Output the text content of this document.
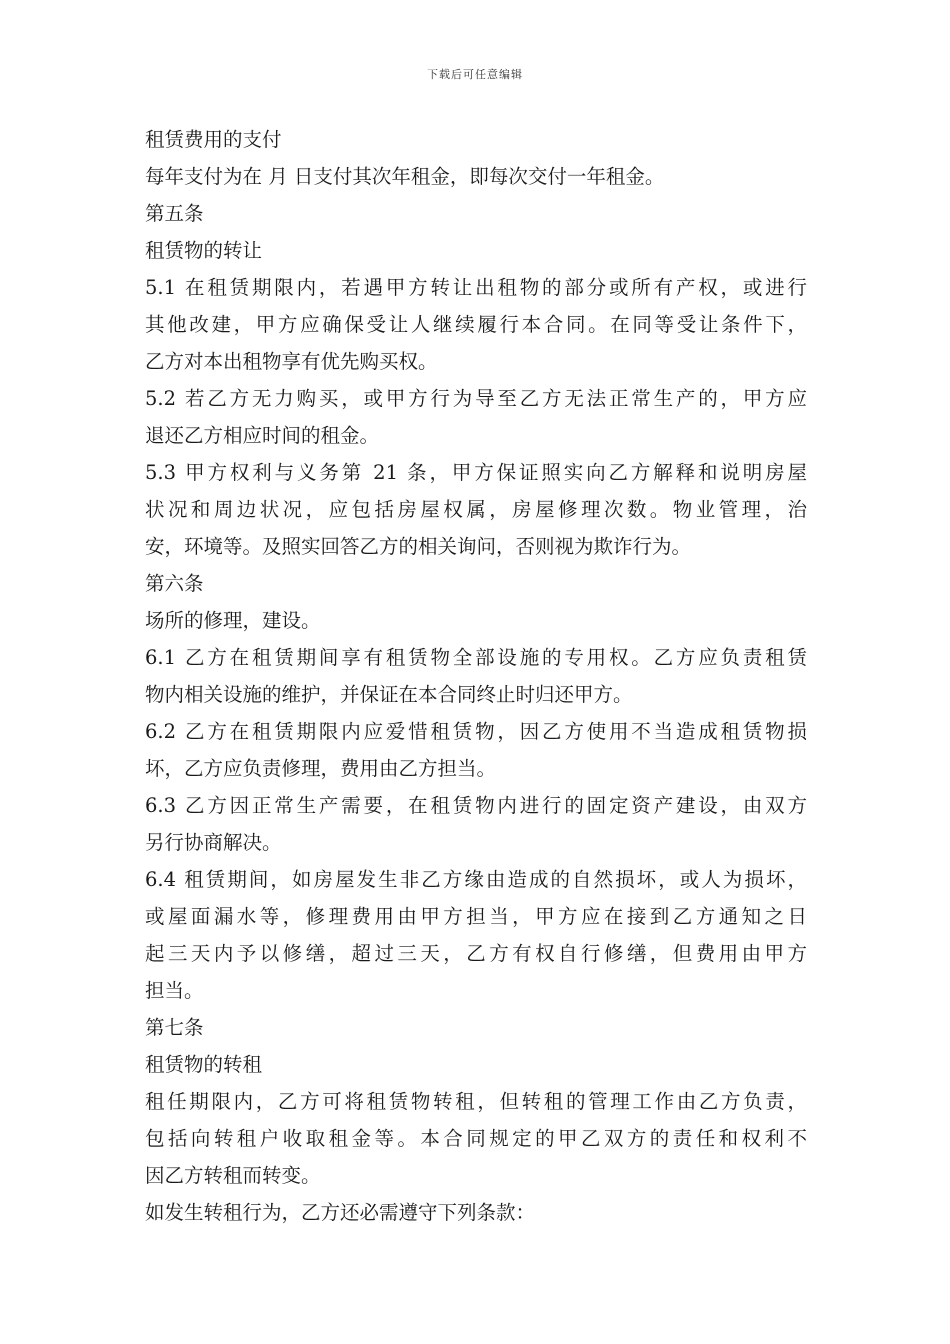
下载后可任意编辑
租赁费用的支付
每年支付为在 月 日支付其次年租金，即每次交付一年租金。
第五条
租赁物的转让
5.1 在租赁期限内，若遇甲方转让出租物的部分或所有产权，或进行
其他改建，甲方应确保受让人继续履行本合同。在同等受让条件下，
乙方对本出租物享有优先购买权。
5.2 若乙方无力购买，或甲方行为导至乙方无法正常生产的，甲方应
退还乙方相应时间的租金。
5.3 甲方权利与义务第 21 条，甲方保证照实向乙方解释和说明房屋
状况和周边状况，应包括房屋权属，房屋修理次数。物业管理，治
安，环境等。及照实回答乙方的相关询问，否则视为欺诈行为。
第六条
场所的修理，建设。
6.1 乙方在租赁期间享有租赁物全部设施的专用权。乙方应负责租赁
物内相关设施的维护，并保证在本合同终止时归还甲方。
6.2 乙方在租赁期限内应爱惜租赁物，因乙方使用不当造成租赁物损
坏，乙方应负责修理，费用由乙方担当。
6.3 乙方因正常生产需要，在租赁物内进行的固定资产建设，由双方
另行协商解决。
6.4 租赁期间，如房屋发生非乙方缘由造成的自然损坏，或人为损坏，
或屋面漏水等，修理费用由甲方担当，甲方应在接到乙方通知之日
起三天内予以修缮，超过三天，乙方有权自行修缮，但费用由甲方
担当。
第七条
租赁物的转租
租任期限内，乙方可将租赁物转租，但转租的管理工作由乙方负责，
包括向转租户收取租金等。本合同规定的甲乙双方的责任和权利不
因乙方转租而转变。
如发生转租行为，乙方还必需遵守下列条款：
